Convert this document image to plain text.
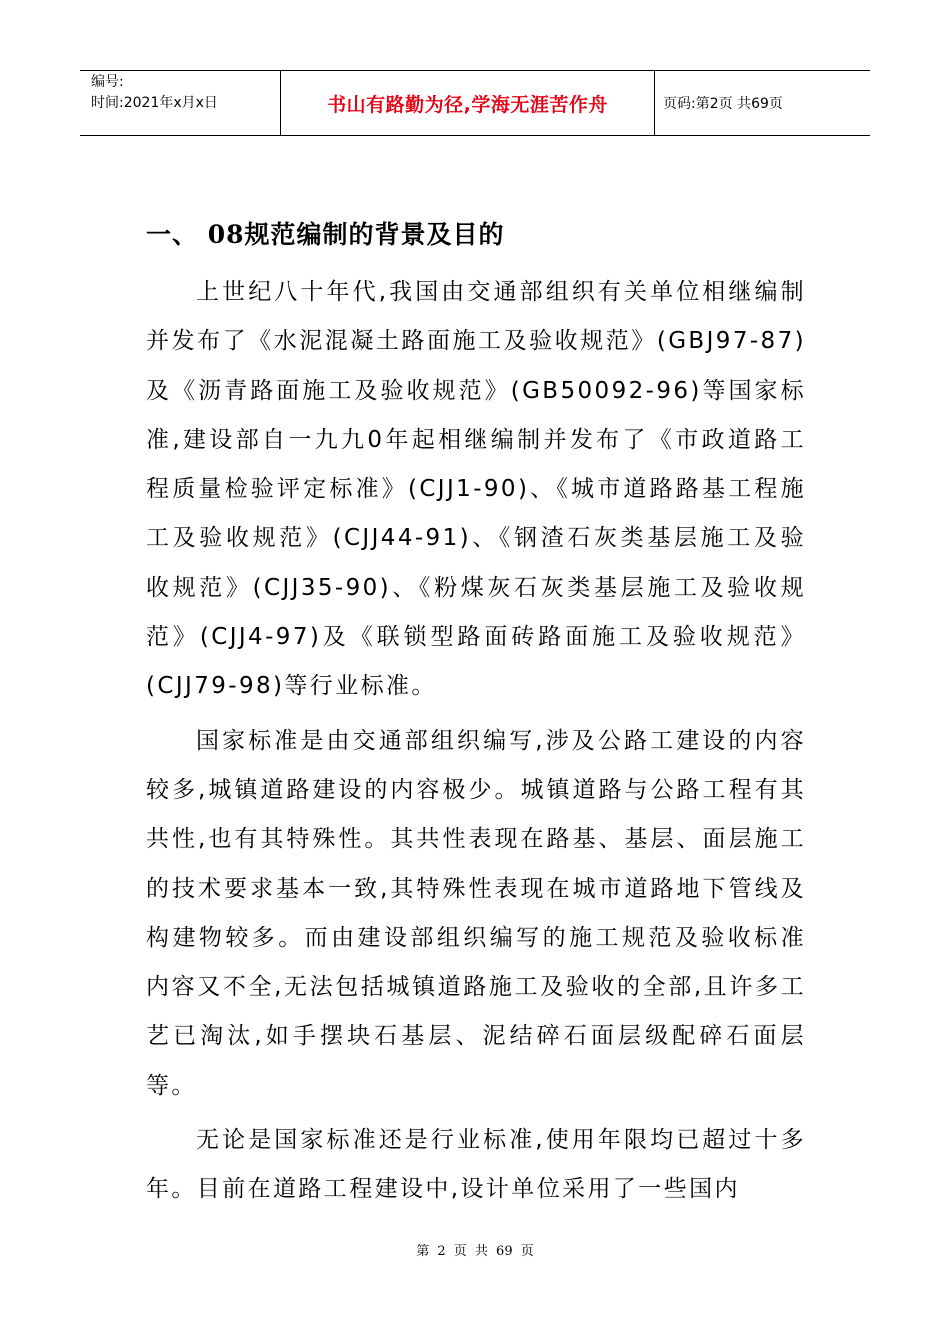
编号:
时间:2021年x月x日	书山有路勤为径,学海无涯苦作舟	页码:第2页 共69页
一、 08规范编制的背景及目的

上世纪八十年代,我国由交通部组织有关单位相继编制并发布了《水泥混凝土路面施工及验收规范》(GBJ97-87)及《沥青路面施工及验收规范》(GB50092-96)等国家标准,建设部自一九九0年起相继编制并发布了《市政道路工程质量检验评定标准》(CJJ1-90)、《城市道路路基工程施工及验收规范》(CJJ44-91)、《钢渣石灰类基层施工及验收规范》(CJJ35-90)、《粉煤灰石灰类基层施工及验收规范》(CJJ4-97)及《联锁型路面砖路面施工及验收规范》(CJJ79-98)等行业标准。

国家标准是由交通部组织编写,涉及公路工建设的内容较多,城镇道路建设的内容极少。城镇道路与公路工程有其共性,也有其特殊性。其共性表现在路基、基层、面层施工的技术要求基本一致,其特殊性表现在城市道路地下管线及构建物较多。而由建设部组织编写的施工规范及验收标准内容又不全,无法包括城镇道路施工及验收的全部,且许多工艺已淘汰,如手摆块石基层、泥结碎石面层级配碎石面层等。

无论是国家标准还是行业标准,使用年限均已超过十多年。目前在道路工程建设中,设计单位采用了一些国内

第 2 页 共 69 页
